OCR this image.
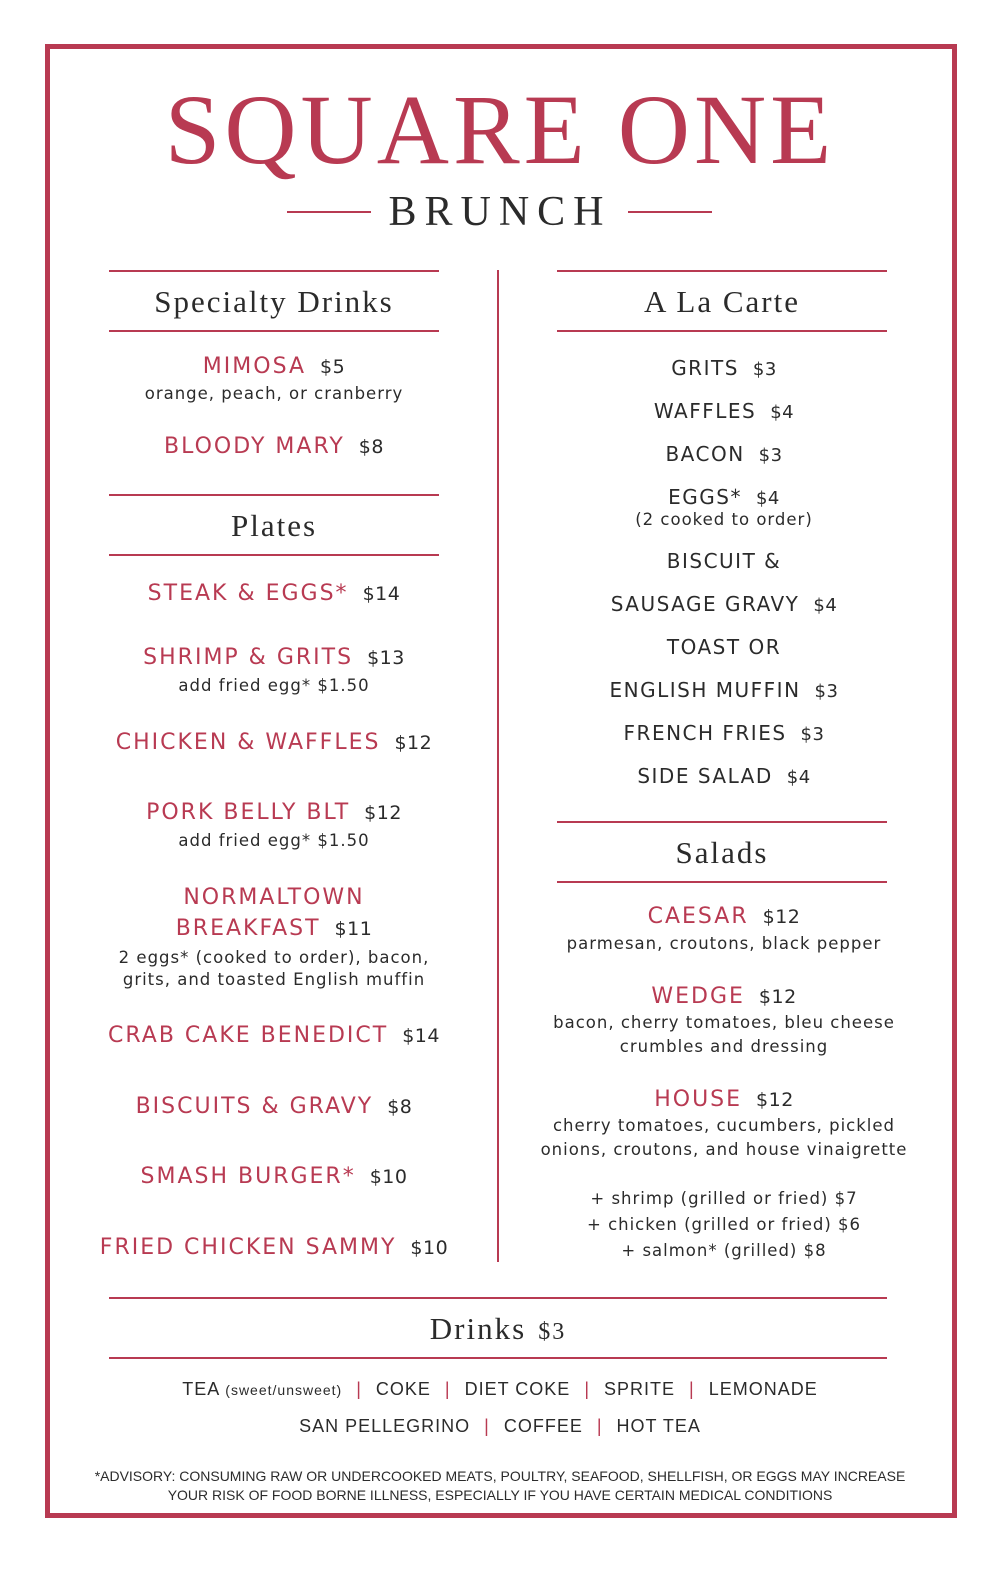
SQUARE ONE
BRUNCH
Specialty Drinks
MIMOSA $5
orange, peach, or cranberry
BLOODY MARY $8
Plates
STEAK & EGGS* $14
SHRIMP & GRITS $13
add fried egg* $1.50
CHICKEN & WAFFLES $12
PORK BELLY BLT $12
add fried egg* $1.50
NORMALTOWN
BREAKFAST $11
2 eggs* (cooked to order), bacon,
grits, and toasted English muffin
CRAB CAKE BENEDICT $14
BISCUITS & GRAVY $8
SMASH BURGER* $10
FRIED CHICKEN SAMMY $10
A La Carte
GRITS $3
WAFFLES $4
BACON $3
EGGS* $4
(2 cooked to order)
BISCUIT &
SAUSAGE GRAVY $4
TOAST OR
ENGLISH MUFFIN $3
FRENCH FRIES $3
SIDE SALAD $4
Salads
CAESAR $12
parmesan, croutons, black pepper
WEDGE $12
bacon, cherry tomatoes, bleu cheese
crumbles and dressing
HOUSE $12
cherry tomatoes, cucumbers, pickled
onions, croutons, and house vinaigrette
+ shrimp (grilled or fried) $7
+ chicken (grilled or fried) $6
+ salmon* (grilled) $8
Drinks $3
TEA (sweet/unsweet) | COKE | DIET COKE | SPRITE | LEMONADE
SAN PELLEGRINO | COFFEE | HOT TEA
*ADVISORY: CONSUMING RAW OR UNDERCOOKED MEATS, POULTRY, SEAFOOD, SHELLFISH, OR EGGS MAY INCREASE
YOUR RISK OF FOOD BORNE ILLNESS, ESPECIALLY IF YOU HAVE CERTAIN MEDICAL CONDITIONS
